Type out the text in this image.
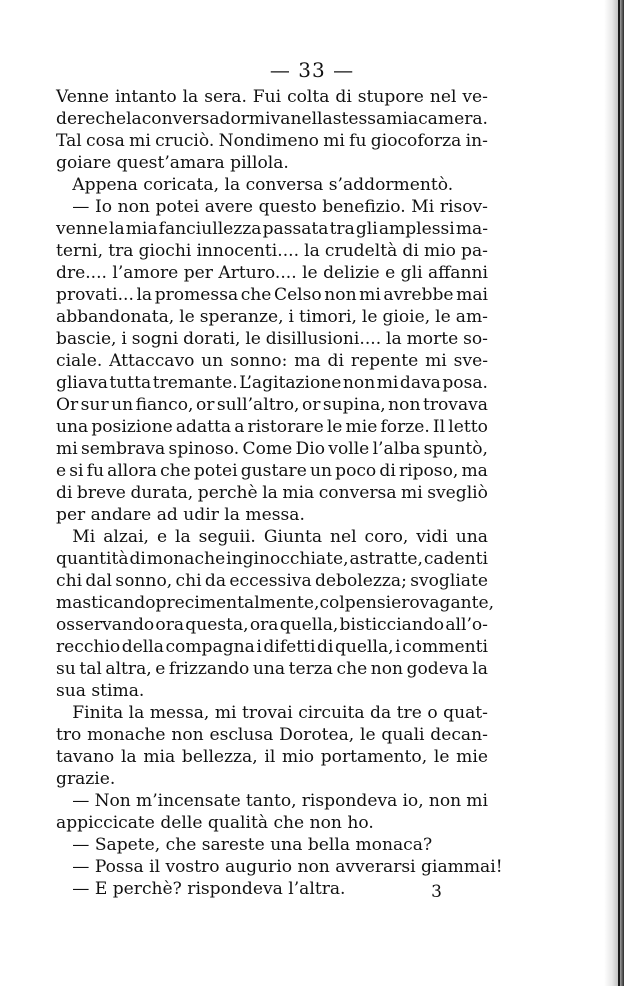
— 33 —
Venne intanto la sera. Fui colta di stupore nel ve-
dere che la conversa dormiva nella stessa mia camera.
Tal cosa mi cruciò. Nondimeno mi fu giocoforza in-
goiare quest’amara pillola.
Appena coricata, la conversa s’addormentò.
— Io non potei avere questo benefizio. Mi risov-
venne la mia fanciullezza passata tra gli amplessi ma-
terni, tra giochi innocenti.... la crudeltà di mio pa-
dre.... l’amore per Arturo.... le delizie e gli affanni
provati... la promessa che Celso non mi avrebbe mai
abbandonata, le speranze, i timori, le gioie, le am-
bascie, i sogni dorati, le disillusioni.... la morte so-
ciale. Attaccavo un sonno: ma di repente mi sve-
gliava tutta tremante. L’agitazione non mi dava posa.
Or sur un fianco, or sull’altro, or supina, non trovava
una posizione adatta a ristorare le mie forze. Il letto
mi sembrava spinoso. Come Dio volle l’alba spuntò,
e si fu allora che potei gustare un poco di riposo, ma
di breve durata, perchè la mia conversa mi svegliò
per andare ad udir la messa.
Mi alzai, e la seguii. Giunta nel coro, vidi una
quantità di monache inginocchiate, astratte, cadenti
chi dal sonno, chi da eccessiva debolezza; svogliate
masticando preci mentalmente, col pensiero vagante,
osservando ora questa, ora quella, bisticciando all’o-
recchio della compagna i difetti di quella, i commenti
su tal altra, e frizzando una terza che non godeva la
sua stima.
Finita la messa, mi trovai circuita da tre o quat-
tro monache non esclusa Dorotea, le quali decan-
tavano la mia bellezza, il mio portamento, le mie
grazie.
— Non m’incensate tanto, rispondeva io, non mi
appiccicate delle qualità che non ho.
— Sapete, che sareste una bella monaca?
— Possa il vostro augurio non avverarsi giammai!
— E perchè? rispondeva l’altra.	3
